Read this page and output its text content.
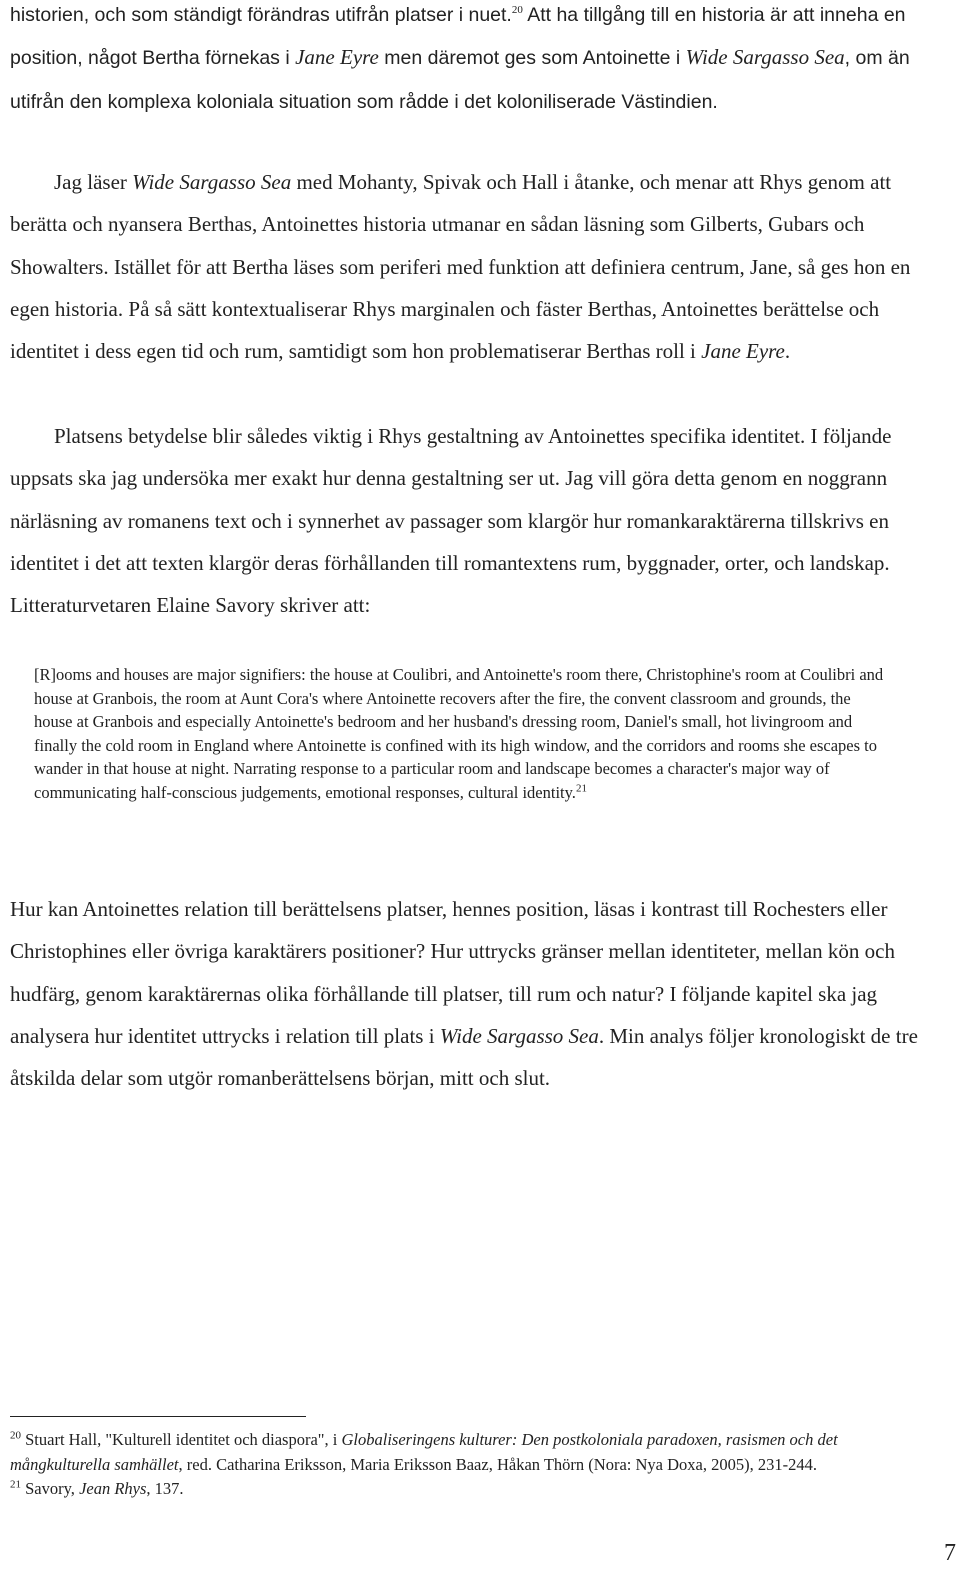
historien, och som ständigt förändras utifrån platser i nuet.$^{20}$ Att ha tillgång till en historia är att inneha en position, något Bertha förnekas i Jane Eyre men däremot ges som Antoinette i Wide Sargasso Sea, om än utifrån den komplexa koloniala situation som rådde i det koloniliserade Västindien.

Jag läser Wide Sargasso Sea med Mohanty, Spivak och Hall i åtanke, och menar att Rhys genom att berätta och nyansera Berthas, Antoinettes historia utmanar en sådan läsning som Gilberts, Gubars och Showalters. Istället för att Bertha läses som periferi med funktion att definiera centrum, Jane, så ges hon en egen historia. På så sätt kontextualiserar Rhys marginalen och fäster Berthas, Antoinettes berättelse och identitet i dess egen tid och rum, samtidigt som hon problematiserar Berthas roll i Jane Eyre.

Platsens betydelse blir således viktig i Rhys gestaltning av Antoinettes specifika identitet. I följande uppsats ska jag undersöka mer exakt hur denna gestaltning ser ut. Jag vill göra detta genom en noggrann närläsning av romanens text och i synnerhet av passager som klargör hur romankaraktärerna tillskrivs en identitet i det att texten klargör deras förhållanden till romantextens rum, byggnader, orter, och landskap. Litteraturvetaren Elaine Savory skriver att:

[R]ooms and houses are major signifiers: the house at Coulibri, and Antoinette's room there, Christophine's room at Coulibri and house at Granbois, the room at Aunt Cora's where Antoinette recovers after the fire, the convent classroom and grounds, the house at Granbois and especially Antoinette's bedroom and her husband's dressing room, Daniel's small, hot livingroom and finally the cold room in England where Antoinette is confined with its high window, and the corridors and rooms she escapes to wander in that house at night. Narrating response to a particular room and landscape becomes a character's major way of communicating half-conscious judgements, emotional responses, cultural identity.$^{21}$

Hur kan Antoinettes relation till berättelsens platser, hennes position, läsas i kontrast till Rochesters eller Christophines eller övriga karaktärers positioner? Hur uttrycks gränser mellan identiteter, mellan kön och hudfärg, genom karaktärernas olika förhållande till platser, till rum och natur? I följande kapitel ska jag analysera hur identitet uttrycks i relation till plats i Wide Sargasso Sea. Min analys följer kronologiskt de tre åtskilda delar som utgör romanberättelsens början, mitt och slut.

$^{20}$ Stuart Hall, "Kulturell identitet och diaspora", i Globaliseringens kulturer: Den postkoloniala paradoxen, rasismen och det mångkulturella samhället, red. Catharina Eriksson, Maria Eriksson Baaz, Håkan Thörn (Nora: Nya Doxa, 2005), 231-244.

$^{21}$ Savory, Jean Rhys, 137.

7
